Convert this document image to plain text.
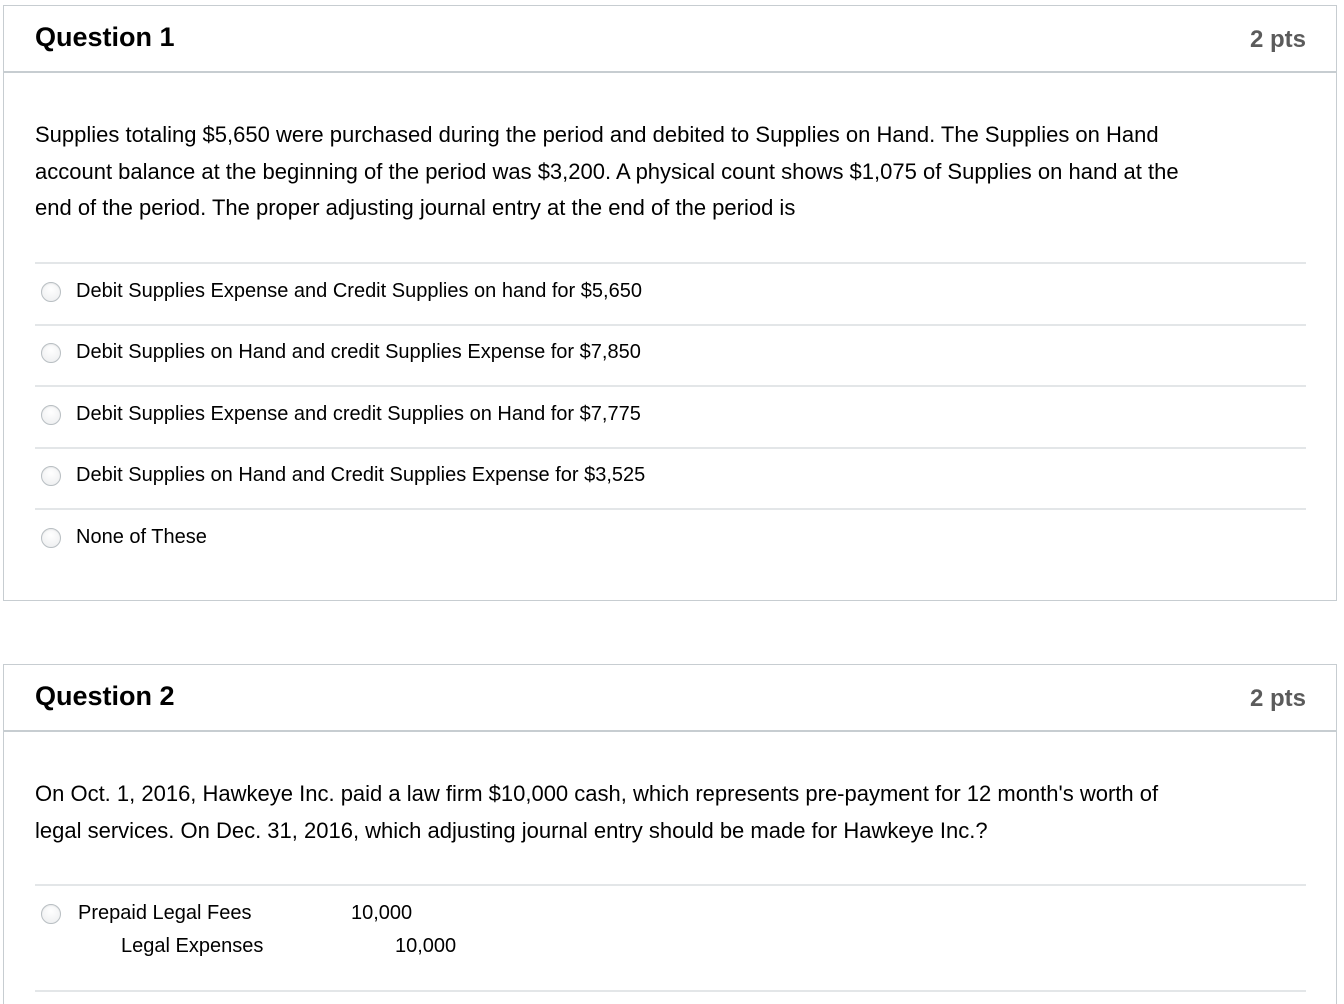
Question 1	2 pts
Supplies totaling $5,650 were purchased during the period and debited to Supplies on Hand. The Supplies on Hand
account balance at the beginning of the period was $3,200. A physical count shows $1,075 of Supplies on hand at the
end of the period. The proper adjusting journal entry at the end of the period is
Debit Supplies Expense and Credit Supplies on hand for $5,650
Debit Supplies on Hand and credit Supplies Expense for $7,850
Debit Supplies Expense and credit Supplies on Hand for $7,775
Debit Supplies on Hand and Credit Supplies Expense for $3,525
None of These
Question 2	2 pts
On Oct. 1, 2016, Hawkeye Inc. paid a law firm $10,000 cash, which represents pre-payment for 12 month's worth of
legal services. On Dec. 31, 2016, which adjusting journal entry should be made for Hawkeye Inc.?
Prepaid Legal Fees	10,000
Legal Expenses	10,000
